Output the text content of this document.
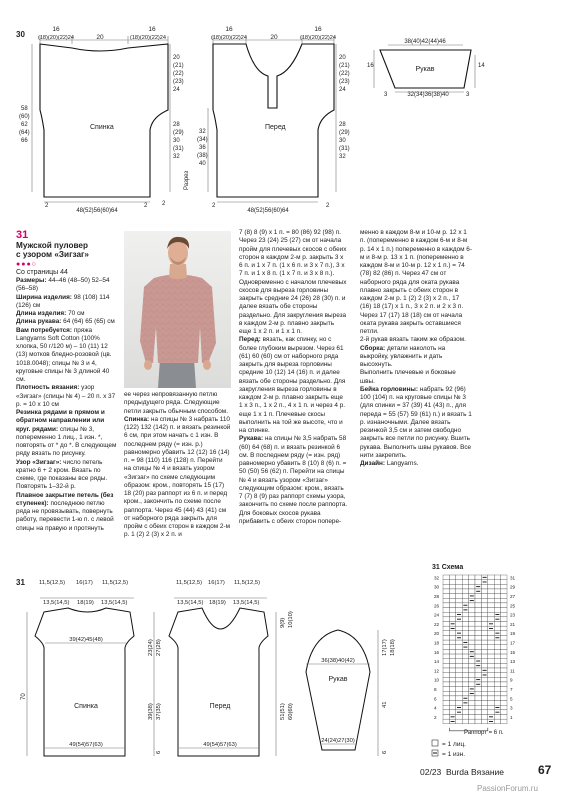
30
16
(18)(20)(22)24	20
16
(18)(20)(22)24
20
(21)
(22)
(23)
24
28
(29)
30
(31)
32
58
(60)
62
(64)
66
Спинка
2	2 2
48(52)56(60)64
16
(18)(20)(22)24	20
16
(18)(20)(22)24
20
(21)
(22)
(23)
24
28
(29)
30
(31)
32
32
(34)
36
(38)
40
Разрез
Перед
2	2
48(52)56(60)64
38(40)42(44)46
16	14
Рукав
3	3
32(34)36(38)40
31
Мужской пуловер
с узором «Зигзаг»
●●●○
Со страницы 44

Размеры: 44–46 (48–50) 52–54 (56–58)

Ширина изделия: 98 (108) 114 (126) см

Длина изделия: 70 см

Длина рукава: 64 (64) 65 (65) см

Вам потребуется: пряжа Langyarns Soft Cotton (100% хлопка, 50 г/120 м) – 10 (11) 12 (13) мотков бледно-розовой (цв. 1018.0048); спицы № 3 и 4, круговые спицы № 3 длиной 40 см.

Плотность вязания: узор «Зигзаг» (спицы № 4) – 20 п. x 37 р. = 10 x 10 см

Резинка рядами в прямом и обратном направлении или круг. рядами: спицы № 3, попеременно 1 лиц., 1 изн. *, повторять от * до *. В следующем ряду вязать по рисунку.

Узор «Зигзаг»: число петель кратно 6 + 2 кром. Вязать по схеме, где показаны все ряды. Повторять 1–32-й р.

Плавное закрытие петель (без ступенек): последнюю петлю ряда не провязывать, повернуть работу, перевести 1-ю п. с левой спицы на правую и протянуть

ее через непровязанную петлю предыдущего ряда. Следующие петли закрыть обычным способом.

Спинка: на спицы № 3 набрать 110 (122) 132 (142) п. и вязать резинкой 6 см, при этом начать с 1 изн. В последнем ряду (= изн. р.) равномерно убавить 12 (12) 16 (14) п. = 98 (110) 116 (128) п. Перейти на спицы № 4 и вязать узором «Зигзаг» по схеме следующим образом: кром., повторять 15 (17) 18 (20) раз раппорт из 6 п. и перед кром., закончить по схеме после раппорта. Через 45 (44) 43 (41) см от наборного ряда закрыть для пройм с обеих сторон в каждом 2-м р. 1 (2) 2 (3) x 2 п. и

7 (8) 8 (9) x 1 п. = 80 (86) 92 (98) п. Через 23 (24) 25 (27) см от начала пройм для плечевых скосов с обеих сторон в каждом 2-м р. закрыть 3 x 6 п. и 1 x 7 п. (1 x 6 п. и 3 x 7 п.), 3 x 7 п. и 1 x 8 п. (1 x 7 п. и 3 x 8 п.). Одновременно с началом плечевых скосов для выреза горловины закрыть средние 24 (26) 28 (30) п. и далее вязать обе стороны раздельно. Для закругления выреза в каждом 2-м р. плавно закрыть еще 1 x 2 п. и 1 x 1 п.

Перед: вязать, как спинку, но с более глубоким вырезом. Через 61 (61) 60 (60) см от наборного ряда закрыть для выреза горловины средние 10 (12) 14 (16) п. и далее вязать обе стороны раздельно. Для закругления выреза горловины в каждом 2-м р. плавно закрыть еще 1 x 3 п., 1 x 2 п., 4 x 1 п. и через 4 р. еще 1 x 1 п. Плечевые скосы выполнить на той же высоте, что и на спинке.

Рукава: на спицы № 3,5 набрать 58 (60) 64 (68) п. и вязать резинкой 6 см. В последнем ряду (= изн. ряд) равномерно убавить 8 (10) 8 (6) п. = 50 (50) 56 (62) п. Перейти на спицы № 4 и вязать узором «Зигзаг» следующим образом: кром., вязать 7 (7) 8 (9) раз раппорт схемы узора, закончить по схеме после раппорта. Для боковых скосов рукава прибавить с обеих сторон попере-

менно в каждом 8-м и 10-м р. 12 x 1 п. (попеременно в каждом 6-м и 8-м р. 14 x 1 п.) попеременно в каждом 6-м и 8-м р. 13 x 1 п. (попеременно в каждом 8-м и 10-м р. 12 x 1 п.) = 74 (78) 82 (86) п. Через 47 см от наборного ряда для оката рукава плавно закрыть с обеих сторон в каждом 2-м р. 1 (2) 2 (3) x 2 п., 17 (16) 18 (17) x 1 п., 3 x 2 п. и 2 x 3 п. Через 17 (17) 18 (18) см от начала оката рукава закрыть оставшиеся петли.

2-й рукав вязать таким же образом.

Сборка: детали наколоть на выкройку, увлажнить и дать высохнуть.

Выполнить плечевые и боковые швы.

Бейка горловины: набрать 92 (96) 100 (104) п. на круговые спицы № 3 (для спинки = 37 (39) 41 (43) п., для переда = 55 (57) 59 (61) п.) и вязать 1 р. изнаночными. Далее вязать резинкой 3,5 см и затем свободно закрыть все петли по рисунку. Вшить рукава. Выполнить швы рукавов. Все нити закрепить.

Дизайн: Langyarns.

31 Схема
31
29
27
25
23
21
19
17
15
13
11
9
7
5
3
1
32
30
28
26
24
22
20
18
16
14
12
10
8
6
4
2
Раппорт = 6 п.
= 1 лиц.
= 1 изн.
31 11,5(12,5) 16(17) 11,5(12,5)
13,5(14,5) 18(19) 13,5(14,5)
39(42)45(48)
Спинка
49(54)57(63)
70
11,5(12,5) 16(17) 11,5(12,5)
13,5(14,5) 18(19) 13,5(14,5)
Перед
49(54)57(63)
23(24) 27(28)
39(38) 37(35)
6
9(9) 10(10)
51(51) 60(60)
36(38)40(42)
Рукав
24(24)27(30)
17(17) 18(18)
41
6
02/23 Burda Вязание	67
PassionForum.ru
